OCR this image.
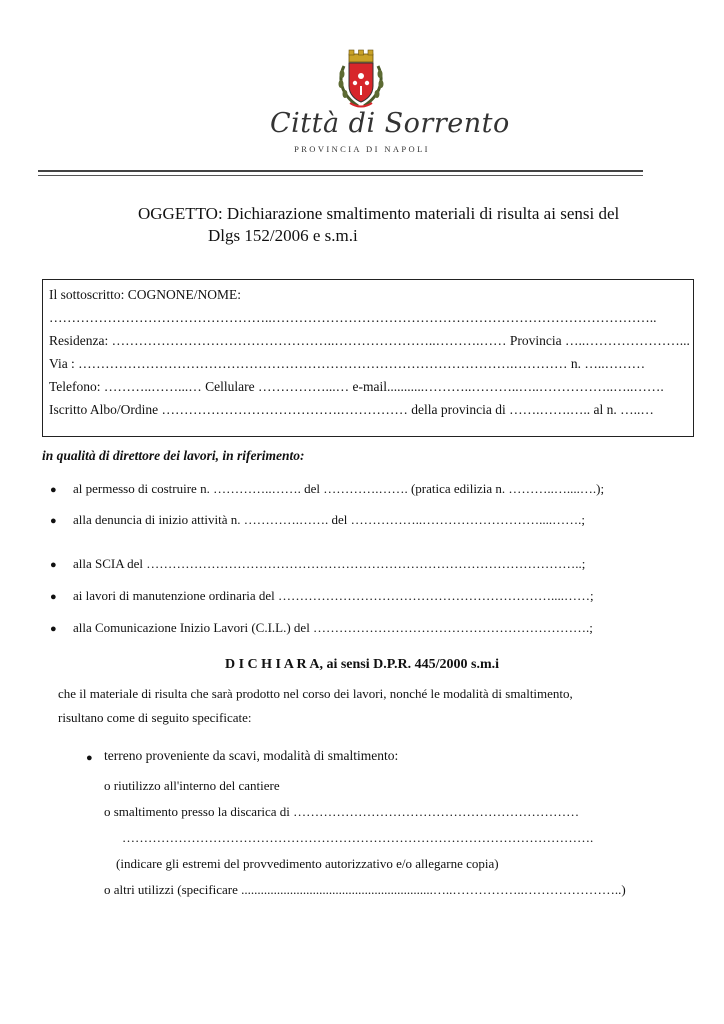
Città di Sorrento
PROVINCIA DI NAPOLI
OGGETTO: Dichiarazione smaltimento materiali di risulta ai sensi del
Dlgs 152/2006 e s.m.i
Il sottoscritto: COGNONE/NOME:
…………………………………………..…………………………………………………………………………..
Residenza: …………………………………………..…………………..……….…… Provincia …..…………………...
Via : …………………………………………………………………………………….………… n. …..………
Telefono: ………..……...… Cellulare ……………...… e-mail...........………..………..…..……………..…..…….
Iscritto Albo/Ordine ………………………………….…………… della provincia di …….…….….. al n. …..…
in qualità di direttore dei lavori, in riferimento:
● al permesso di costruire n. …………..……. del ………….……. (pratica edilizia n. ………..…....….);
● alla denuncia di inizio attività n. ………….……. del ……………..………………………....…….;
● alla SCIA del ………………………………………………………………………………………..;
● ai lavori di manutenzione ordinaria del ………………………………………………………....……;
● alla Comunicazione Inizio Lavori (C.I.L.) del ……………………………………………………….;
D I C H I A R A, ai sensi D.P.R. 445/2000 s.m.i
che il materiale di risulta che sarà prodotto nel corso dei lavori, nonché le modalità di smaltimento,
risultano come di seguito specificate:
● terreno proveniente da scavi, modalità di smaltimento:
o riutilizzo all'interno del cantiere
o smaltimento presso la discarica di …………………………………………………………
……………………………………………………………………………………………….
(indicare gli estremi del provvedimento autorizzativo e/o allegarne copia)
o altri utilizzi (specificare ...........................................................…..……………..…………………..)
